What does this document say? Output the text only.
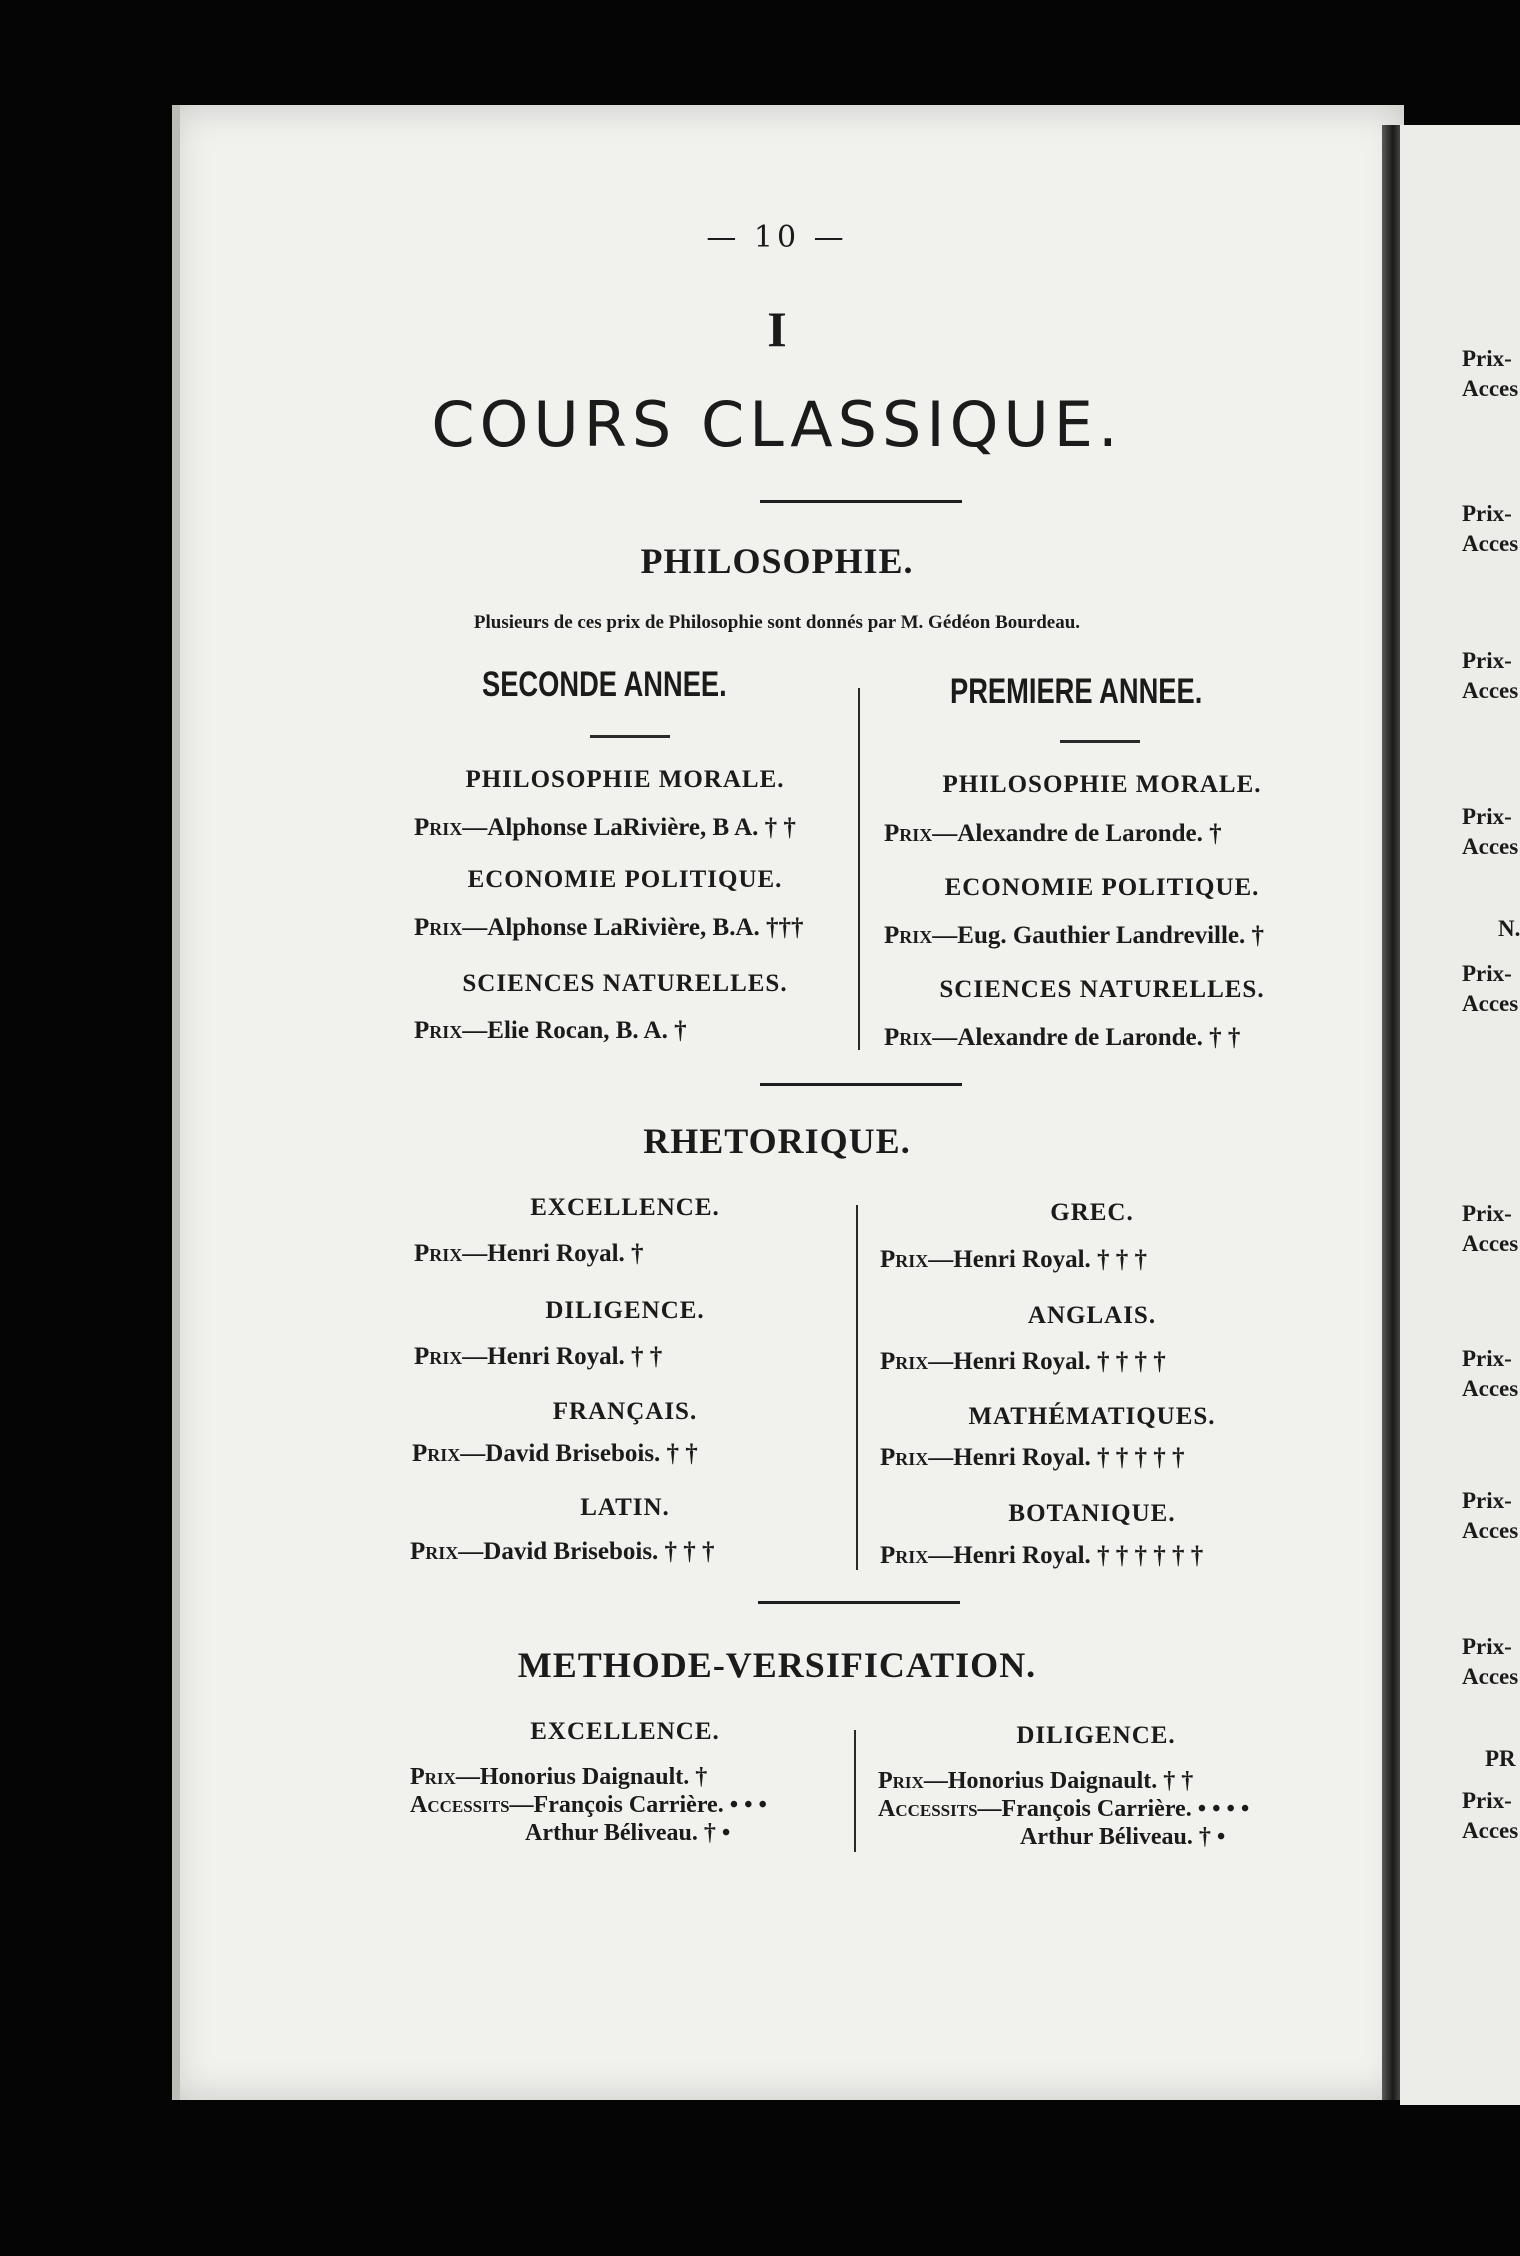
Prix-
Acces
Prix-
Acces
Prix-
Acces
Prix-
Acces
N.
Prix-
Acces
Prix-
Acces
Prix-
Acces
Prix-
Acces
Prix-
Acces
PR
Prix-
Acces
— 10 —
I
COURS CLASSIQUE.
PHILOSOPHIE.
Plusieurs de ces prix de Philosophie sont donnés par M. Gédéon Bourdeau.
SECONDE ANNEE.	PREMIERE ANNEE.
PHILOSOPHIE MORALE.
Prix—Alphonse LaRivière, B A. † †
ECONOMIE POLITIQUE.
Prix—Alphonse LaRivière, B.A. †††
SCIENCES NATURELLES.
Prix—Elie Rocan, B. A. †
PHILOSOPHIE MORALE.
Prix—Alexandre de Laronde. †
ECONOMIE POLITIQUE.
Prix—Eug. Gauthier Landreville. †
SCIENCES NATURELLES.
Prix—Alexandre de Laronde. † †
RHETORIQUE.
EXCELLENCE.
Prix—Henri Royal. †
DILIGENCE.
Prix—Henri Royal. † †
FRANÇAIS.
Prix—David Brisebois. † †
LATIN.
Prix—David Brisebois. † † †
GREC.
Prix—Henri Royal. † † †
ANGLAIS.
Prix—Henri Royal. † † † †
MATHÉMATIQUES.
Prix—Henri Royal. † † † † †
BOTANIQUE.
Prix—Henri Royal. † † † † † †
METHODE-VERSIFICATION.
EXCELLENCE.
Prix—Honorius Daignault. †
Accessits—François Carrière. • • •
Arthur Béliveau. † •
DILIGENCE.
Prix—Honorius Daignault. † †
Accessits—François Carrière. • • • •
Arthur Béliveau. † •
